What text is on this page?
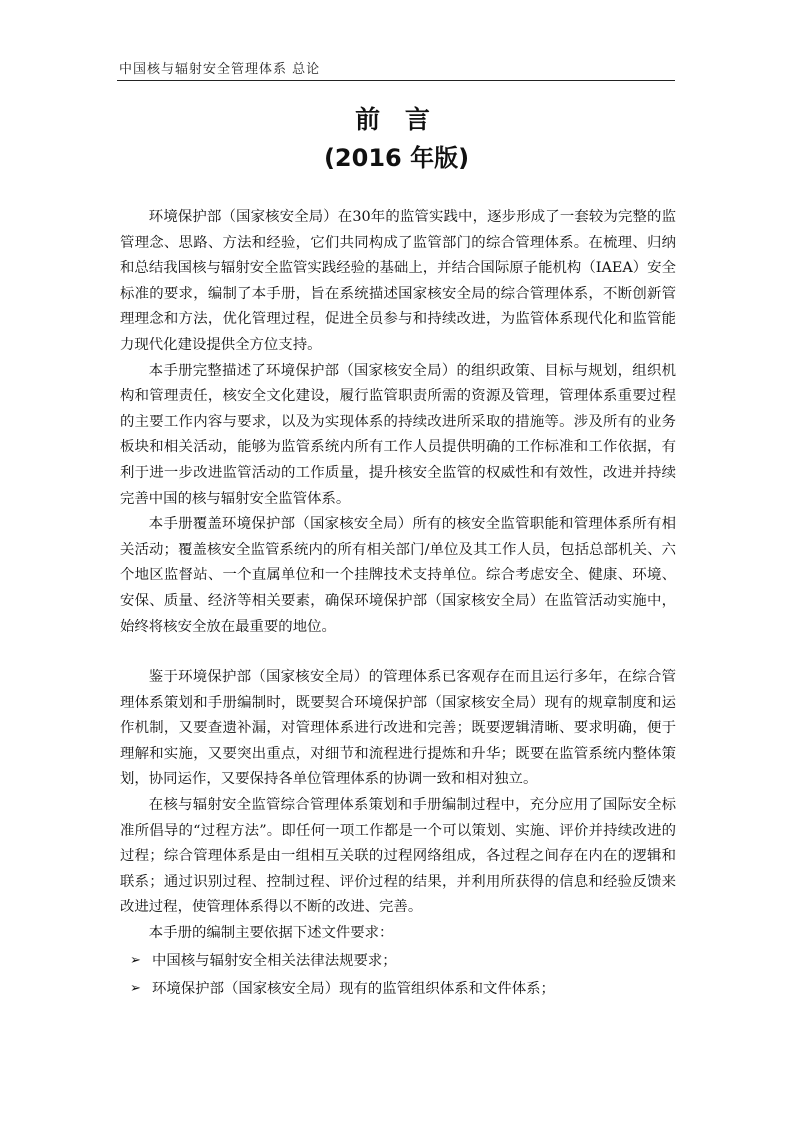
中国核与辐射安全管理体系 总论
前 言
(2016 年版)

环境保护部（国家核安全局）在30年的监管实践中，逐步形成了一套较为完整的监管理念、思路、方法和经验，它们共同构成了监管部门的综合管理体系。在梳理、归纳和总结我国核与辐射安全监管实践经验的基础上，并结合国际原子能机构（IAEA）安全标准的要求，编制了本手册，旨在系统描述国家核安全局的综合管理体系，不断创新管理理念和方法，优化管理过程，促进全员参与和持续改进，为监管体系现代化和监管能力现代化建设提供全方位支持。

本手册完整描述了环境保护部（国家核安全局）的组织政策、目标与规划，组织机构和管理责任，核安全文化建设，履行监管职责所需的资源及管理，管理体系重要过程的主要工作内容与要求，以及为实现体系的持续改进所采取的措施等。涉及所有的业务板块和相关活动，能够为监管系统内所有工作人员提供明确的工作标准和工作依据，有利于进一步改进监管活动的工作质量，提升核安全监管的权威性和有效性，改进并持续完善中国的核与辐射安全监管体系。

本手册覆盖环境保护部（国家核安全局）所有的核安全监管职能和管理体系所有相关活动；覆盖核安全监管系统内的所有相关部门/单位及其工作人员，包括总部机关、六个地区监督站、一个直属单位和一个挂牌技术支持单位。综合考虑安全、健康、环境、安保、质量、经济等相关要素，确保环境保护部（国家核安全局）在监管活动实施中，始终将核安全放在最重要的地位。

鉴于环境保护部（国家核安全局）的管理体系已客观存在而且运行多年，在综合管理体系策划和手册编制时，既要契合环境保护部（国家核安全局）现有的规章制度和运作机制，又要查遗补漏，对管理体系进行改进和完善；既要逻辑清晰、要求明确，便于理解和实施，又要突出重点，对细节和流程进行提炼和升华；既要在监管系统内整体策划，协同运作，又要保持各单位管理体系的协调一致和相对独立。

在核与辐射安全监管综合管理体系策划和手册编制过程中，充分应用了国际安全标准所倡导的“过程方法”。即任何一项工作都是一个可以策划、实施、评价并持续改进的过程；综合管理体系是由一组相互关联的过程网络组成，各过程之间存在内在的逻辑和联系；通过识别过程、控制过程、评价过程的结果，并利用所获得的信息和经验反馈来改进过程，使管理体系得以不断的改进、完善。

本手册的编制主要依据下述文件要求：

➢ 中国核与辐射安全相关法律法规要求；
➢ 环境保护部（国家核安全局）现有的监管组织体系和文件体系；
